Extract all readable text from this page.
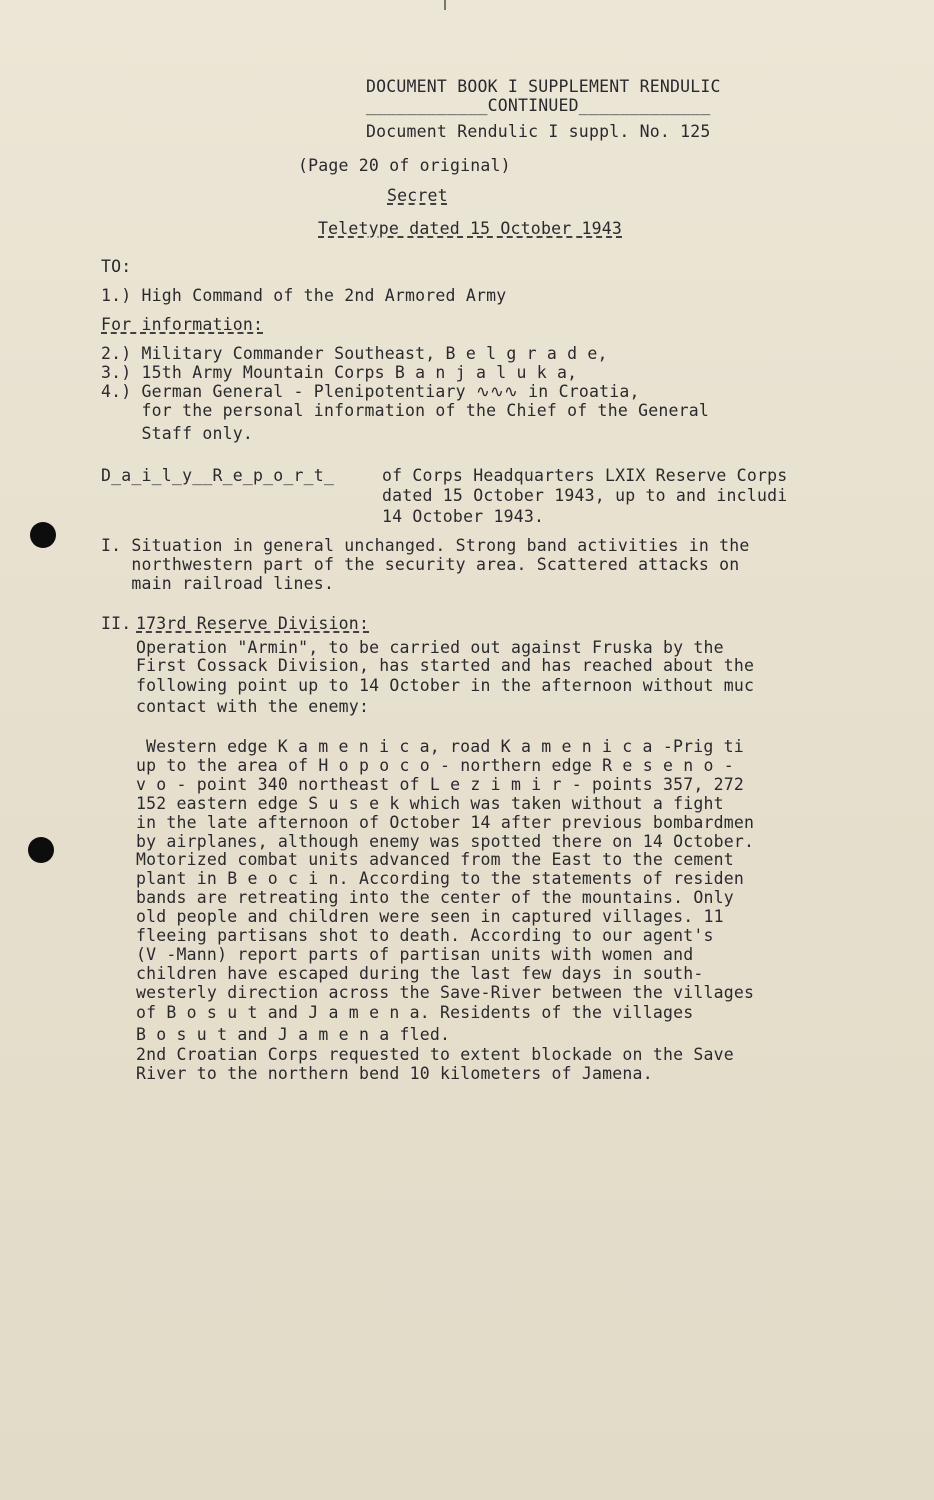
DOCUMENT BOOK I SUPPLEMENT RENDULIC
____________CONTINUED_____________
Document Rendulic I suppl. No. 125
(Page 20 of original)
Secret
Teletype dated 15 October 1943
TO:
1.) High Command of the 2nd Armored Army
For information:
2.) Military Commander Southeast, B e l g r a d e,
3.) 15th Army Mountain Corps B a n j a l u k a,
4.) German General - Plenipotentiary ∿∿∿ in Croatia,
for the personal information of the Chief of the General
Staff only.
D_a_i_l_y__R_e_p_o_r_t_	of Corps Headquarters LXIX Reserve Corps
dated 15 October 1943, up to and includi
14 October 1943.
I. Situation in general unchanged. Strong band activities in the
northwestern part of the security area. Scattered attacks on
main railroad lines.
II. 173rd Reserve Division:
Operation "Armin", to be carried out against Fruska by the
First Cossack Division, has started and has reached about the
following point up to 14 October in the afternoon without muc
contact with the enemy:
Western edge K a m e n i c a, road K a m e n i c a -Prig ti
up to the area of H o p o c o - northern edge R e s e n o -
v o - point 340 northeast of L e z i m i r - points 357, 272
152 eastern edge S u s e k which was taken without a fight
in the late afternoon of October 14 after previous bombardmen
by airplanes, although enemy was spotted there on 14 October.
Motorized combat units advanced from the East to the cement
plant in B e o c i n. According to the statements of residen
bands are retreating into the center of the mountains. Only
old people and children were seen in captured villages. 11
fleeing partisans shot to death. According to our agent's
(V -Mann) report parts of partisan units with women and
children have escaped during the last few days in south-
westerly direction across the Save-River between the villages
of B o s u t and J a m e n a. Residents of the villages
B o s u t and J a m e n a fled.
2nd Croatian Corps requested to extent blockade on the Save
River to the northern bend 10 kilometers of Jamena.
